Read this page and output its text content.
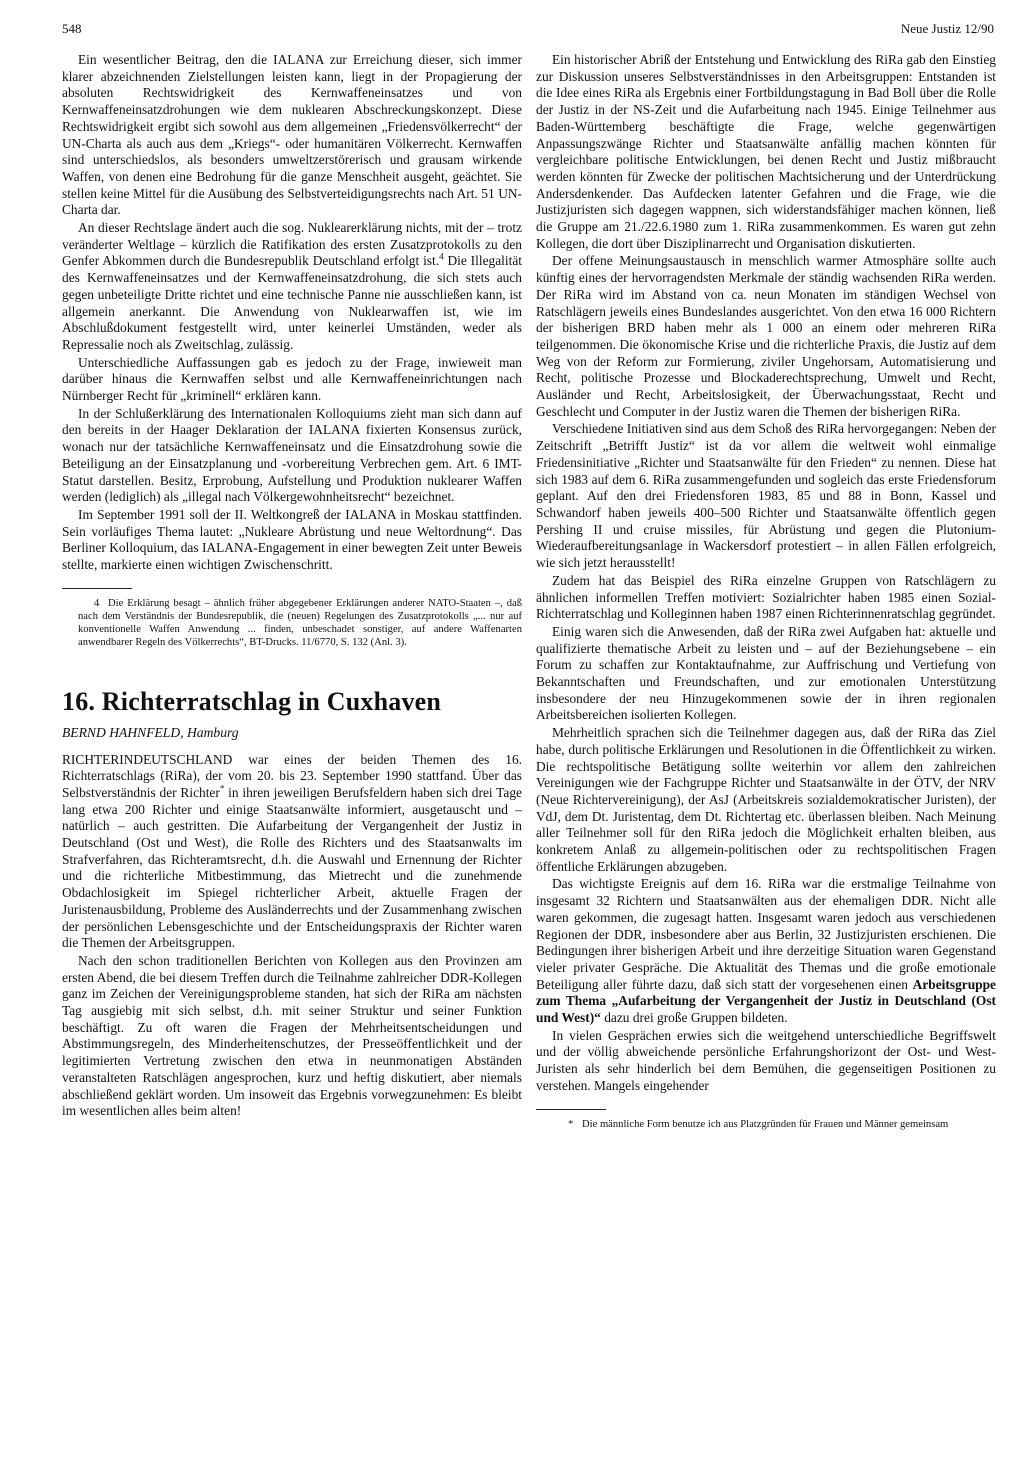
548	Neue Justiz 12/90

Ein wesentlicher Beitrag, den die IALANA zur Erreichung dieser, sich immer klarer abzeichnenden Zielstellungen leisten kann, liegt in der Propagierung der absoluten Rechtswidrigkeit des Kernwaffeneinsatzes und von Kernwaffeneinsatzdrohungen wie dem nuklearen Abschreckungskonzept. Diese Rechtswidrigkeit ergibt sich sowohl aus dem allgemeinen „Friedensvölkerrecht“ der UN-Charta als auch aus dem „Kriegs“- oder humanitären Völkerrecht. Kernwaffen sind unterschiedslos, als besonders umweltzerstörerisch und grausam wirkende Waffen, von denen eine Bedrohung für die ganze Menschheit ausgeht, geächtet. Sie stellen keine Mittel für die Ausübung des Selbstverteidigungsrechts nach Art. 51 UN-Charta dar.

An dieser Rechtslage ändert auch die sog. Nuklearerklärung nichts, mit der – trotz veränderter Weltlage – kürzlich die Ratifikation des ersten Zusatzprotokolls zu den Genfer Abkommen durch die Bundesrepublik Deutschland erfolgt ist.$^4$ Die Illegalität des Kernwaffeneinsatzes und der Kernwaffeneinsatzdrohung, die sich stets auch gegen unbeteiligte Dritte richtet und eine technische Panne nie ausschließen kann, ist allgemein anerkannt. Die Anwendung von Nuklearwaffen ist, wie im Abschlußdokument festgestellt wird, unter keinerlei Umständen, weder als Repressalie noch als Zweitschlag, zulässig.

Unterschiedliche Auffassungen gab es jedoch zu der Frage, inwieweit man darüber hinaus die Kernwaffen selbst und alle Kernwaffeneinrichtungen nach Nürnberger Recht für „kriminell“ erklären kann.

In der Schlußerklärung des Internationalen Kolloquiums zieht man sich dann auf den bereits in der Haager Deklaration der IALANA fixierten Konsensus zurück, wonach nur der tatsächliche Kernwaffeneinsatz und die Einsatzdrohung sowie die Beteiligung an der Einsatzplanung und -vorbereitung Verbrechen gem. Art. 6 IMT-Statut darstellen. Besitz, Erprobung, Aufstellung und Produktion nuklearer Waffen werden (lediglich) als „illegal nach Völkergewohnheitsrecht“ bezeichnet.

Im September 1991 soll der II. Weltkongreß der IALANA in Moskau stattfinden. Sein vorläufiges Thema lautet: „Nukleare Abrüstung und neue Weltordnung“. Das Berliner Kolloquium, das IALANA-Engagement in einer bewegten Zeit unter Beweis stellte, markierte einen wichtigen Zwischenschritt.

4 Die Erklärung besagt – ähnlich früher abgegebener Erklärungen anderer NATO-Staaten –, daß nach dem Verständnis der Bundesrepublik, die (neuen) Regelungen des Zusatzprotokolls „... nur auf konventionelle Waffen Anwendung ... finden, unbeschadet sonstiger, auf andere Waffenarten anwendbarer Regeln des Völkerrechts“, BT-Drucks. 11/6770, S. 132 (Anl. 3).

16. Richterratschlag in Cuxhaven
BERND HAHNFELD, Hamburg

RICHTERINDEUTSCHLAND war eines der beiden Themen des 16. Richterratschlags (RiRa), der vom 20. bis 23. September 1990 stattfand. Über das Selbstverständnis der Richter* in ihren jeweiligen Berufsfeldern haben sich drei Tage lang etwa 200 Richter und einige Staatsanwälte informiert, ausgetauscht und – natürlich – auch gestritten. Die Aufarbeitung der Vergangenheit der Justiz in Deutschland (Ost und West), die Rolle des Richters und des Staatsanwalts im Strafverfahren, das Richteramtsrecht, d.h. die Auswahl und Ernennung der Richter und die richterliche Mitbestimmung, das Mietrecht und die zunehmende Obdachlosigkeit im Spiegel richterlicher Arbeit, aktuelle Fragen der Juristenausbildung, Probleme des Ausländerrechts und der Zusammenhang zwischen der persönlichen Lebensgeschichte und der Entscheidungspraxis der Richter waren die Themen der Arbeitsgruppen.

Nach den schon traditionellen Berichten von Kollegen aus den Provinzen am ersten Abend, die bei diesem Treffen durch die Teilnahme zahlreicher DDR-Kollegen ganz im Zeichen der Vereinigungsprobleme standen, hat sich der RiRa am nächsten Tag ausgiebig mit sich selbst, d.h. mit seiner Struktur und seiner Funktion beschäftigt. Zu oft waren die Fragen der Mehrheitsentscheidungen und Abstimmungsregeln, des Minderheitenschutzes, der Presseöffentlichkeit und der legitimierten Vertretung zwischen den etwa in neunmonatigen Abständen veranstalteten Ratschlägen angesprochen, kurz und heftig diskutiert, aber niemals abschließend geklärt worden. Um insoweit das Ergebnis vorwegzunehmen: Es bleibt im wesentlichen alles beim alten!

Ein historischer Abriß der Entstehung und Entwicklung des RiRa gab den Einstieg zur Diskussion unseres Selbstverständnisses in den Arbeitsgruppen: Entstanden ist die Idee eines RiRa als Ergebnis einer Fortbildungstagung in Bad Boll über die Rolle der Justiz in der NS-Zeit und die Aufarbeitung nach 1945. Einige Teilnehmer aus Baden-Württemberg beschäftigte die Frage, welche gegenwärtigen Anpassungszwänge Richter und Staatsanwälte anfällig machen könnten für vergleichbare politische Entwicklungen, bei denen Recht und Justiz mißbraucht werden könnten für Zwecke der politischen Machtsicherung und der Unterdrückung Andersdenkender. Das Aufdecken latenter Gefahren und die Frage, wie die Justizjuristen sich dagegen wappnen, sich widerstandsfähiger machen können, ließ die Gruppe am 21./22.6.1980 zum 1. RiRa zusammenkommen. Es waren gut zehn Kollegen, die dort über Disziplinarrecht und Organisation diskutierten.

Der offene Meinungsaustausch in menschlich warmer Atmosphäre sollte auch künftig eines der hervorragendsten Merkmale der ständig wachsenden RiRa werden. Der RiRa wird im Abstand von ca. neun Monaten im ständigen Wechsel von Ratschlägern jeweils eines Bundeslandes ausgerichtet. Von den etwa 16 000 Richtern der bisherigen BRD haben mehr als 1 000 an einem oder mehreren RiRa teilgenommen. Die ökonomische Krise und die richterliche Praxis, die Justiz auf dem Weg von der Reform zur Formierung, ziviler Ungehorsam, Automatisierung und Recht, politische Prozesse und Blockaderechtsprechung, Umwelt und Recht, Ausländer und Recht, Arbeitslosigkeit, der Überwachungsstaat, Recht und Geschlecht und Computer in der Justiz waren die Themen der bisherigen RiRa.

Verschiedene Initiativen sind aus dem Schoß des RiRa hervorgegangen: Neben der Zeitschrift „Betrifft Justiz“ ist da vor allem die weltweit wohl einmalige Friedensinitiative „Richter und Staatsanwälte für den Frieden“ zu nennen. Diese hat sich 1983 auf dem 6. RiRa zusammengefunden und sogleich das erste Friedensforum geplant. Auf den drei Friedensforen 1983, 85 und 88 in Bonn, Kassel und Schwandorf haben jeweils 400–500 Richter und Staatsanwälte öffentlich gegen Pershing II und cruise missiles, für Abrüstung und gegen die Plutonium-Wiederaufbereitungsanlage in Wackersdorf protestiert – in allen Fällen erfolgreich, wie sich jetzt herausstellt!

Zudem hat das Beispiel des RiRa einzelne Gruppen von Ratschlägern zu ähnlichen informellen Treffen motiviert: Sozialrichter haben 1985 einen Sozial-Richterratschlag und Kolleginnen haben 1987 einen Richterinnenratschlag gegründet.

Einig waren sich die Anwesenden, daß der RiRa zwei Aufgaben hat: aktuelle und qualifizierte thematische Arbeit zu leisten und – auf der Beziehungsebene – ein Forum zu schaffen zur Kontaktaufnahme, zur Auffrischung und Vertiefung von Bekanntschaften und Freundschaften, und zur emotionalen Unterstützung insbesondere der neu Hinzugekommenen sowie der in ihren regionalen Arbeitsbereichen isolierten Kollegen.

Mehrheitlich sprachen sich die Teilnehmer dagegen aus, daß der RiRa das Ziel habe, durch politische Erklärungen und Resolutionen in die Öffentlichkeit zu wirken. Die rechtspolitische Betätigung sollte weiterhin vor allem den zahlreichen Vereinigungen wie der Fachgruppe Richter und Staatsanwälte in der ÖTV, der NRV (Neue Richtervereinigung), der AsJ (Arbeitskreis sozialdemokratischer Juristen), der VdJ, dem Dt. Juristentag, dem Dt. Richtertag etc. überlassen bleiben. Nach Meinung aller Teilnehmer soll für den RiRa jedoch die Möglichkeit erhalten bleiben, aus konkretem Anlaß zu allgemein-politischen oder zu rechtspolitischen Fragen öffentliche Erklärungen abzugeben.

Das wichtigste Ereignis auf dem 16. RiRa war die erstmalige Teilnahme von insgesamt 32 Richtern und Staatsanwälten aus der ehemaligen DDR. Nicht alle waren gekommen, die zugesagt hatten. Insgesamt waren jedoch aus verschiedenen Regionen der DDR, insbesondere aber aus Berlin, 32 Justizjuristen erschienen. Die Bedingungen ihrer bisherigen Arbeit und ihre derzeitige Situation waren Gegenstand vieler privater Gespräche. Die Aktualität des Themas und die große emotionale Beteiligung aller führte dazu, daß sich statt der vorgesehenen einen Arbeitsgruppe zum Thema „Aufarbeitung der Vergangenheit der Justiz in Deutschland (Ost und West)“ dazu drei große Gruppen bildeten.

In vielen Gesprächen erwies sich die weitgehend unterschiedliche Begriffswelt und der völlig abweichende persönliche Erfahrungshorizont der Ost- und West-Juristen als sehr hinderlich bei dem Bemühen, die gegenseitigen Positionen zu verstehen. Mangels eingehender

* Die männliche Form benutze ich aus Platzgründen für Frauen und Männer gemeinsam
